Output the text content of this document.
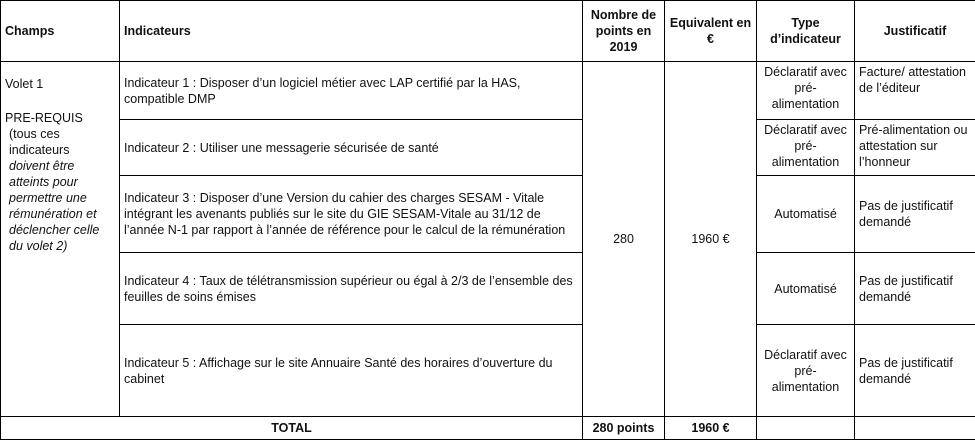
Champs	Indicateurs	Nombre de points en 2019	Equivalent en €	Type d’indicateur	Justificatif

Volet 1
PRE-REQUIS
(tous ces indicateurs
doivent être atteints pour permettre une rémunération et déclencher celle du volet 2)	Indicateur 1 : Disposer d’un logiciel métier avec LAP certifié par la HAS, compatible DMP	280	1960 €	Déclaratif avec pré-alimentation	Facture/ attestation de l’éditeur
	Indicateur 2 : Utiliser une messagerie sécurisée de santé			Déclaratif avec pré-alimentation	Pré-alimentation ou attestation sur l’honneur
	Indicateur 3 : Disposer d’une Version du cahier des charges SESAM - Vitale intégrant les avenants publiés sur le site du GIE SESAM-Vitale au 31/12 de l’année N-1 par rapport à l’année de référence pour le calcul de la rémunération			Automatisé	Pas de justificatif demandé
	Indicateur 4 : Taux de télétransmission supérieur ou égal à 2/3 de l’ensemble des feuilles de soins émises			Automatisé	Pas de justificatif demandé
	Indicateur 5 : Affichage sur le site Annuaire Santé des horaires d’ouverture du cabinet			Déclaratif avec pré-alimentation	Pas de justificatif demandé
TOTAL		280 points	1960 €		
